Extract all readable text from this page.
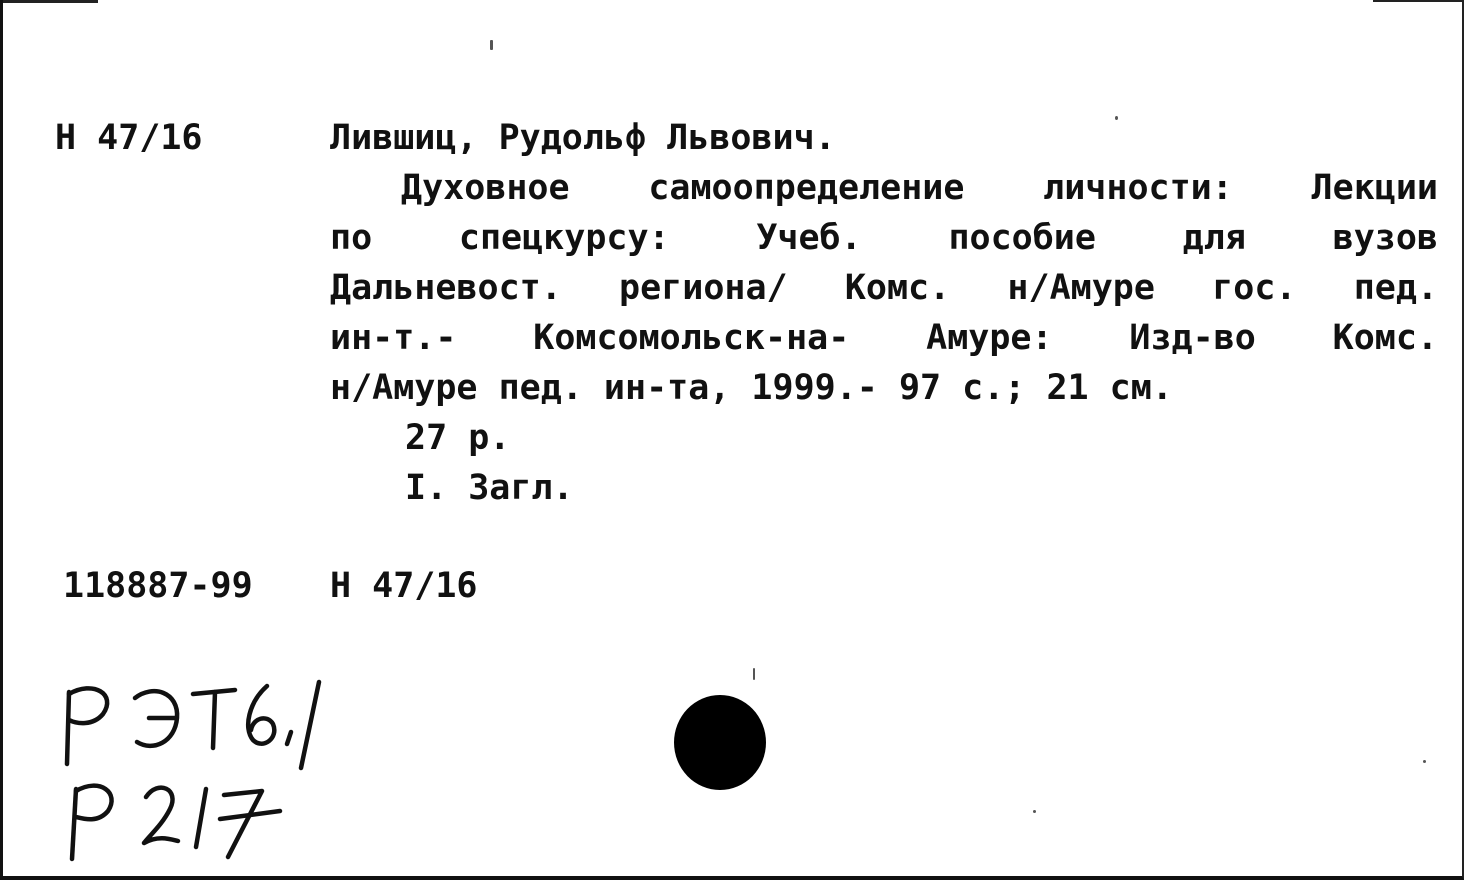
Н 47/16	Лившиц, Рудольф Львович.
Духовное самоопределение личности: Лекции
по спецкурсу: Учеб. пособие для вузов
Дальневост. региона/ Комс. н/Амуре гос. пед.
ин-т.- Комсомольск-на- Амуре: Изд-во Комс.
н/Амуре пед. ин-та, 1999.- 97 с.; 21 см.
27 р.
I. Загл.
118887-99 Н 47/16
